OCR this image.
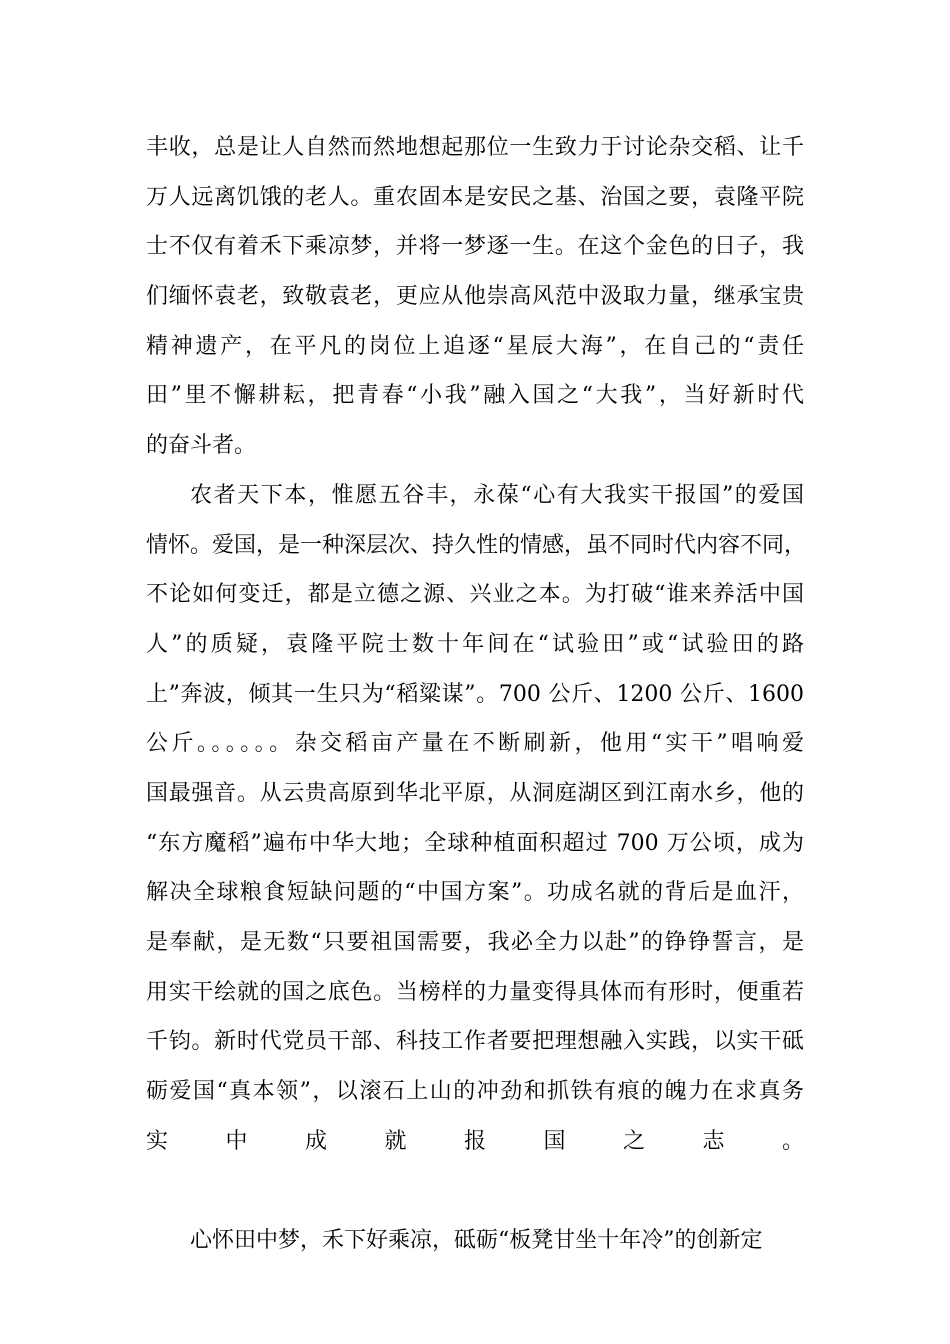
丰收，总是让人自然而然地想起那位一生致力于讨论杂交稻、让千
万人远离饥饿的老人。重农固本是安民之基、治国之要，袁隆平院
士不仅有着禾下乘凉梦，并将一梦逐一生。在这个金色的日子，我
们缅怀袁老，致敬袁老，更应从他崇高风范中汲取力量，继承宝贵
精神遗产，在平凡的岗位上追逐“星辰大海”，在自己的“责任
田”里不懈耕耘，把青春“小我”融入国之“大我”，当好新时代
的奋斗者。
农者天下本，惟愿五谷丰，永葆“心有大我实干报国”的爱国
情怀。爱国，是一种深层次、持久性的情感，虽不同时代内容不同，
不论如何变迁，都是立德之源、兴业之本。为打破“谁来养活中国
人”的质疑，袁隆平院士数十年间在“试验田”或“试验田的路
上”奔波，倾其一生只为“稻粱谋”。700 公斤、1200 公斤、1600
公斤。。。。。。杂交稻亩产量在不断刷新，他用“实干”唱响爱
国最强音。从云贵高原到华北平原，从洞庭湖区到江南水乡，他的
“东方魔稻”遍布中华大地；全球种植面积超过 700 万公顷，成为
解决全球粮食短缺问题的“中国方案”。功成名就的背后是血汗，
是奉献，是无数“只要祖国需要，我必全力以赴”的铮铮誓言，是
用实干绘就的国之底色。当榜样的力量变得具体而有形时，便重若
千钧。新时代党员干部、科技工作者要把理想融入实践，以实干砥
砺爱国“真本领”，以滚石上山的冲劲和抓铁有痕的魄力在求真务
实中成就报国之志。
心怀田中梦，禾下好乘凉，砥砺“板凳甘坐十年冷”的创新定
